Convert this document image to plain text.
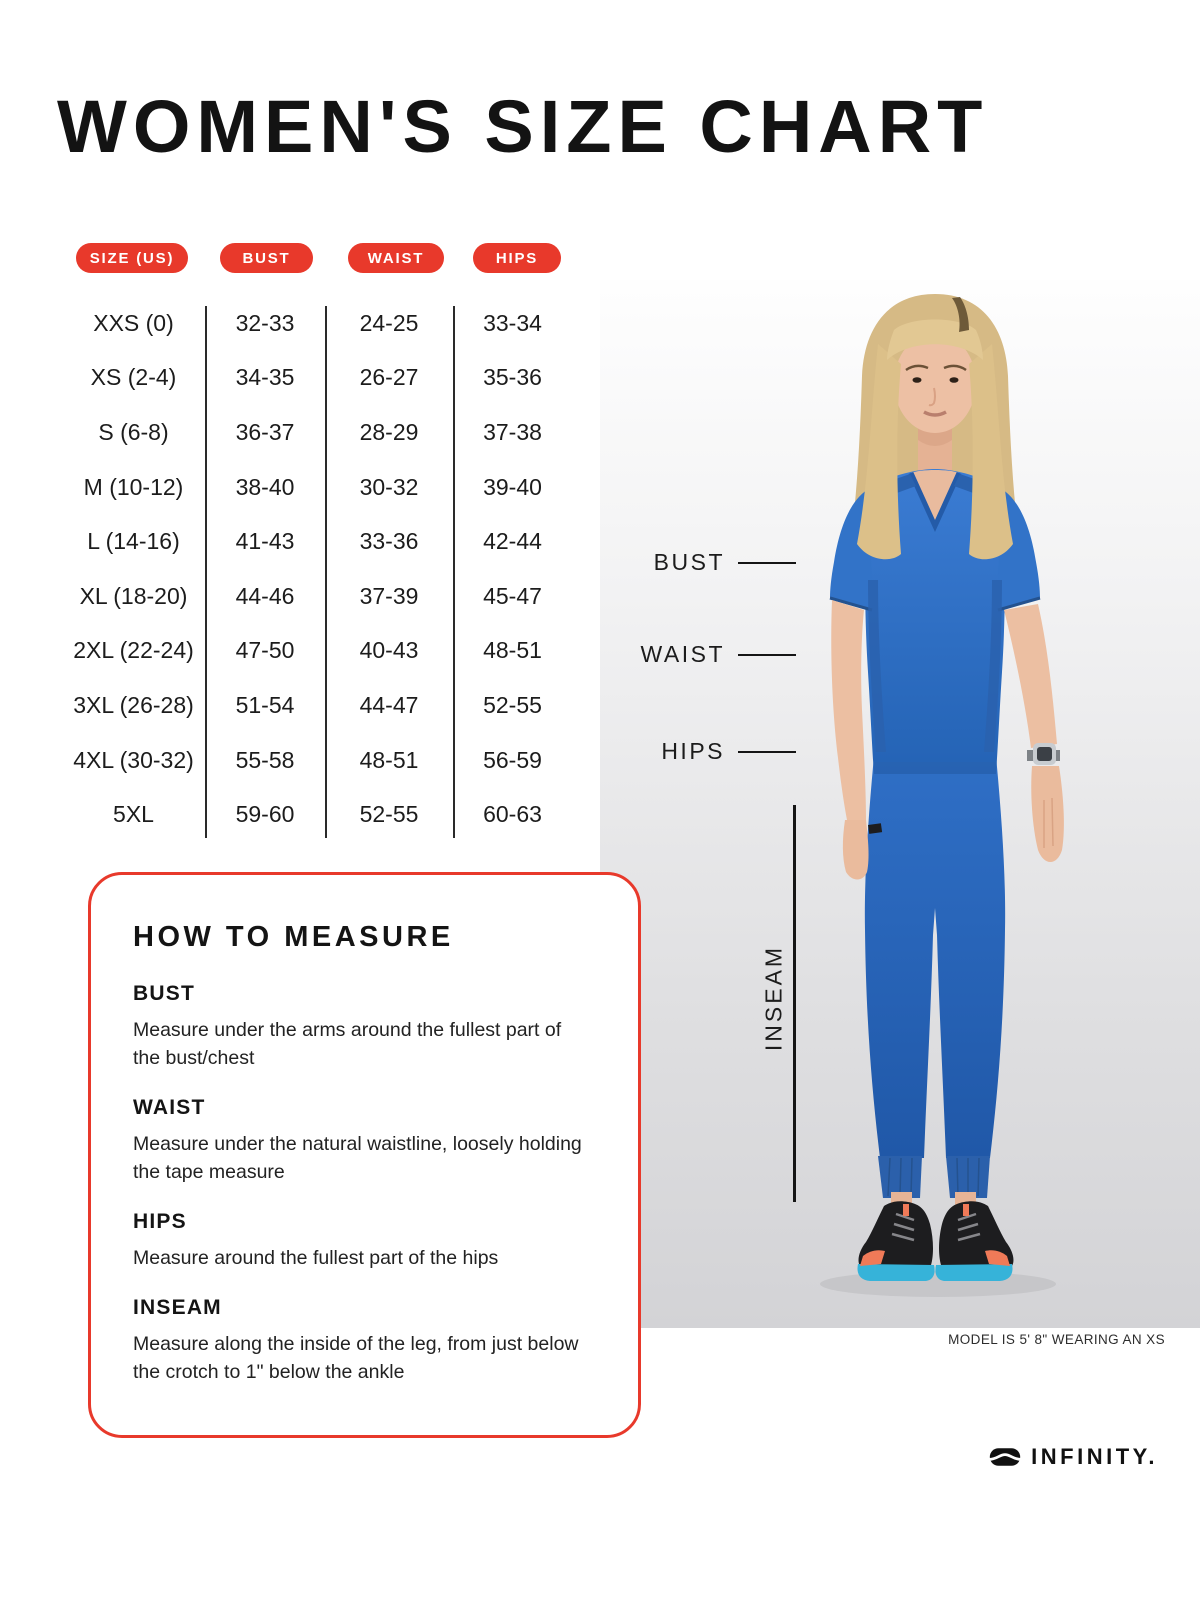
WOMEN'S SIZE CHART
SIZE (US)	BUST	WAIST	HIPS
XXS (0)	32-33	24-25	33-34
XS (2-4)	34-35	26-27	35-36
S (6-8)	36-37	28-29	37-38
M (10-12)	38-40	30-32	39-40
L (14-16)	41-43	33-36	42-44
XL (18-20)	44-46	37-39	45-47
2XL (22-24)	47-50	40-43	48-51
3XL (26-28)	51-54	44-47	52-55
4XL (30-32)	55-58	48-51	56-59
5XL	59-60	52-55	60-63
BUST
WAIST
HIPS
INSEAM
MODEL IS 5' 8" WEARING AN XS
HOW TO MEASURE

BUST

Measure under the arms around the fullest part of the bust/chest

WAIST

Measure under the natural waistline, loosely holding the tape measure

HIPS

Measure around the fullest part of the hips

INSEAM

Measure along the inside of the leg, from just below the crotch to 1" below the ankle

INFINITY.
